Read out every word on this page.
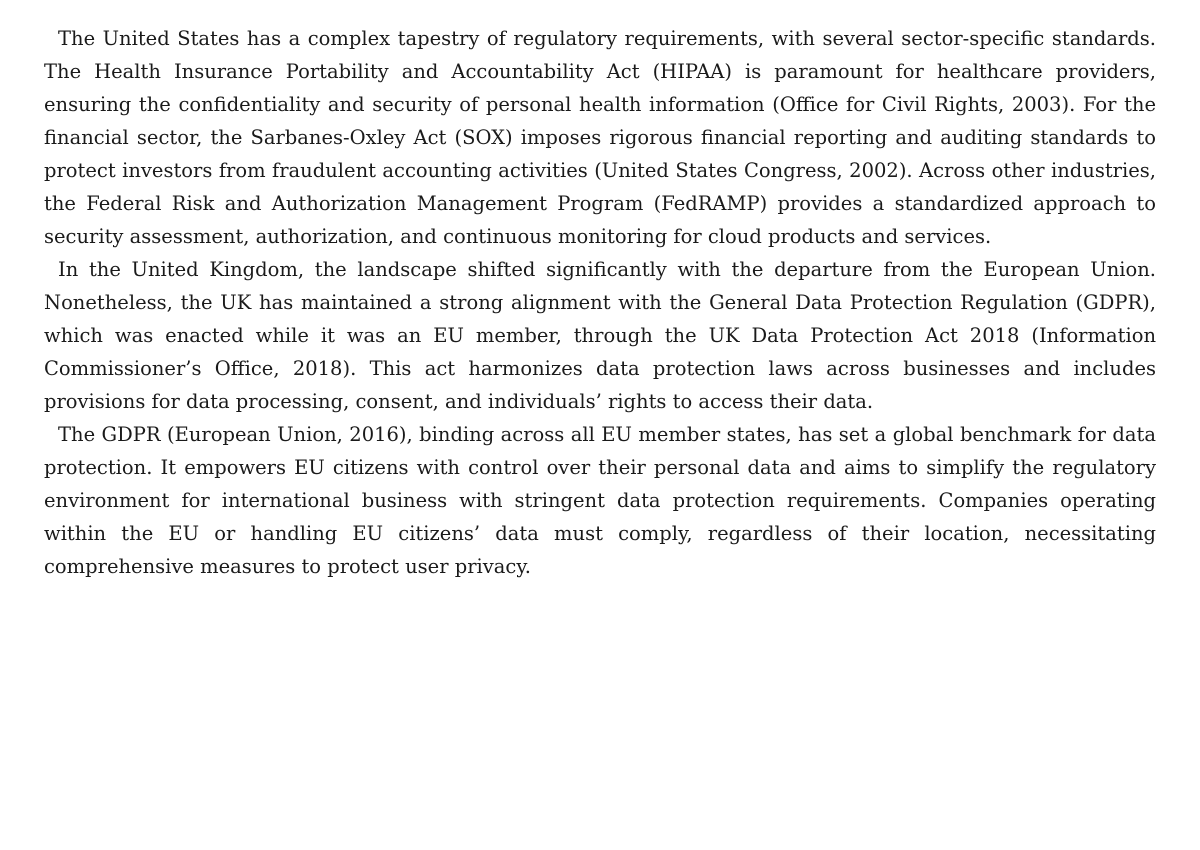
The United States has a complex tapestry of regulatory requirements, with several sector-specific standards. The Health Insurance Portability and Accountability Act (HIPAA) is paramount for healthcare providers, ensuring the confidentiality and security of personal health information (Office for Civil Rights, 2003). For the financial sector, the Sarbanes-Oxley Act (SOX) imposes rigorous financial reporting and auditing standards to protect investors from fraudulent accounting activities (United States Congress, 2002). Across other industries, the Federal Risk and Authorization Management Program (FedRAMP) provides a standardized approach to security assessment, authorization, and continuous monitoring for cloud products and services.

In the United Kingdom, the landscape shifted significantly with the departure from the European Union. Nonetheless, the UK has maintained a strong alignment with the General Data Protection Regulation (GDPR), which was enacted while it was an EU member, through the UK Data Protection Act 2018 (Information Commissioner’s Office, 2018). This act harmonizes data protection laws across businesses and includes provisions for data processing, consent, and individuals’ rights to access their data.

The GDPR (European Union, 2016), binding across all EU member states, has set a global benchmark for data protection. It empowers EU citizens with control over their personal data and aims to simplify the regulatory environment for international business with stringent data protection requirements. Companies operating within the EU or handling EU citizens’ data must comply, regardless of their location, necessitating comprehensive measures to protect user privacy.
